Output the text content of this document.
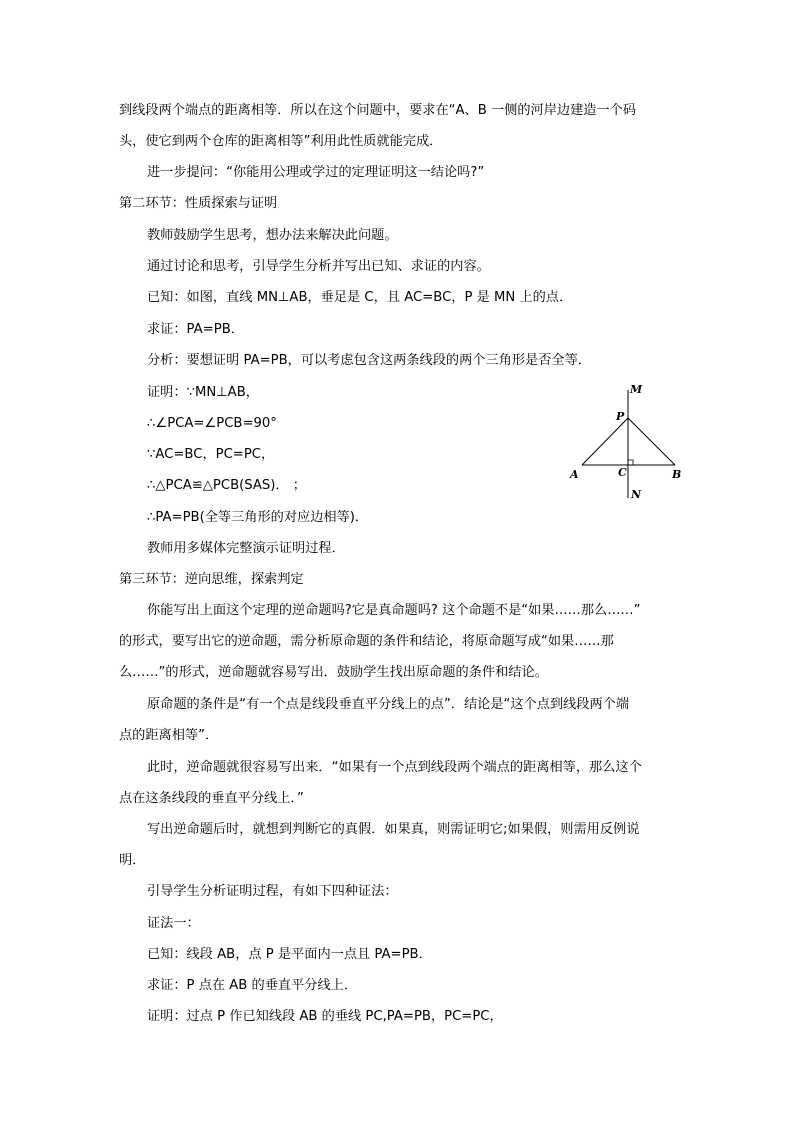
到线段两个端点的距离相等．所以在这个问题中，要求在“A、B 一侧的河岸边建造一个码
头，使它到两个仓库的距离相等”利用此性质就能完成．
进一步提问：“你能用公理或学过的定理证明这一结论吗?”
第二环节：性质探索与证明
教师鼓励学生思考，想办法来解决此问题。
通过讨论和思考，引导学生分析并写出已知、求证的内容。
已知：如图，直线 MN⊥AB，垂足是 C，且 AC=BC，P 是 MN 上的点．
求证：PA=PB．
分析：要想证明 PA=PB，可以考虑包含这两条线段的两个三角形是否全等．
证明：∵MN⊥AB，
∴∠PCA=∠PCB=90°
∵AC=BC，PC=PC，
∴△PCA≌△PCB(SAS)． ；
∴PA=PB(全等三角形的对应边相等)．
教师用多媒体完整演示证明过程．
第三环节：逆向思维，探索判定
你能写出上面这个定理的逆命题吗?它是真命题吗? 这个命题不是“如果……那么……”
的形式，要写出它的逆命题，需分析原命题的条件和结论，将原命题写成“如果……那
么……”的形式，逆命题就容易写出．鼓励学生找出原命题的条件和结论。
原命题的条件是“有一个点是线段垂直平分线上的点”．结论是“这个点到线段两个端
点的距离相等”．
此时，逆命题就很容易写出来．“如果有一个点到线段两个端点的距离相等，那么这个
点在这条线段的垂直平分线上．”
写出逆命题后时，就想到判断它的真假．如果真，则需证明它;如果假，则需用反例说
明．
引导学生分析证明过程，有如下四种证法：
证法一：
已知：线段 AB，点 P 是平面内一点且 PA=PB．
求证：P 点在 AB 的垂直平分线上．
证明：过点 P 作已知线段 AB 的垂线 PC,PA=PB，PC=PC，
M
P
A	C	B
N
